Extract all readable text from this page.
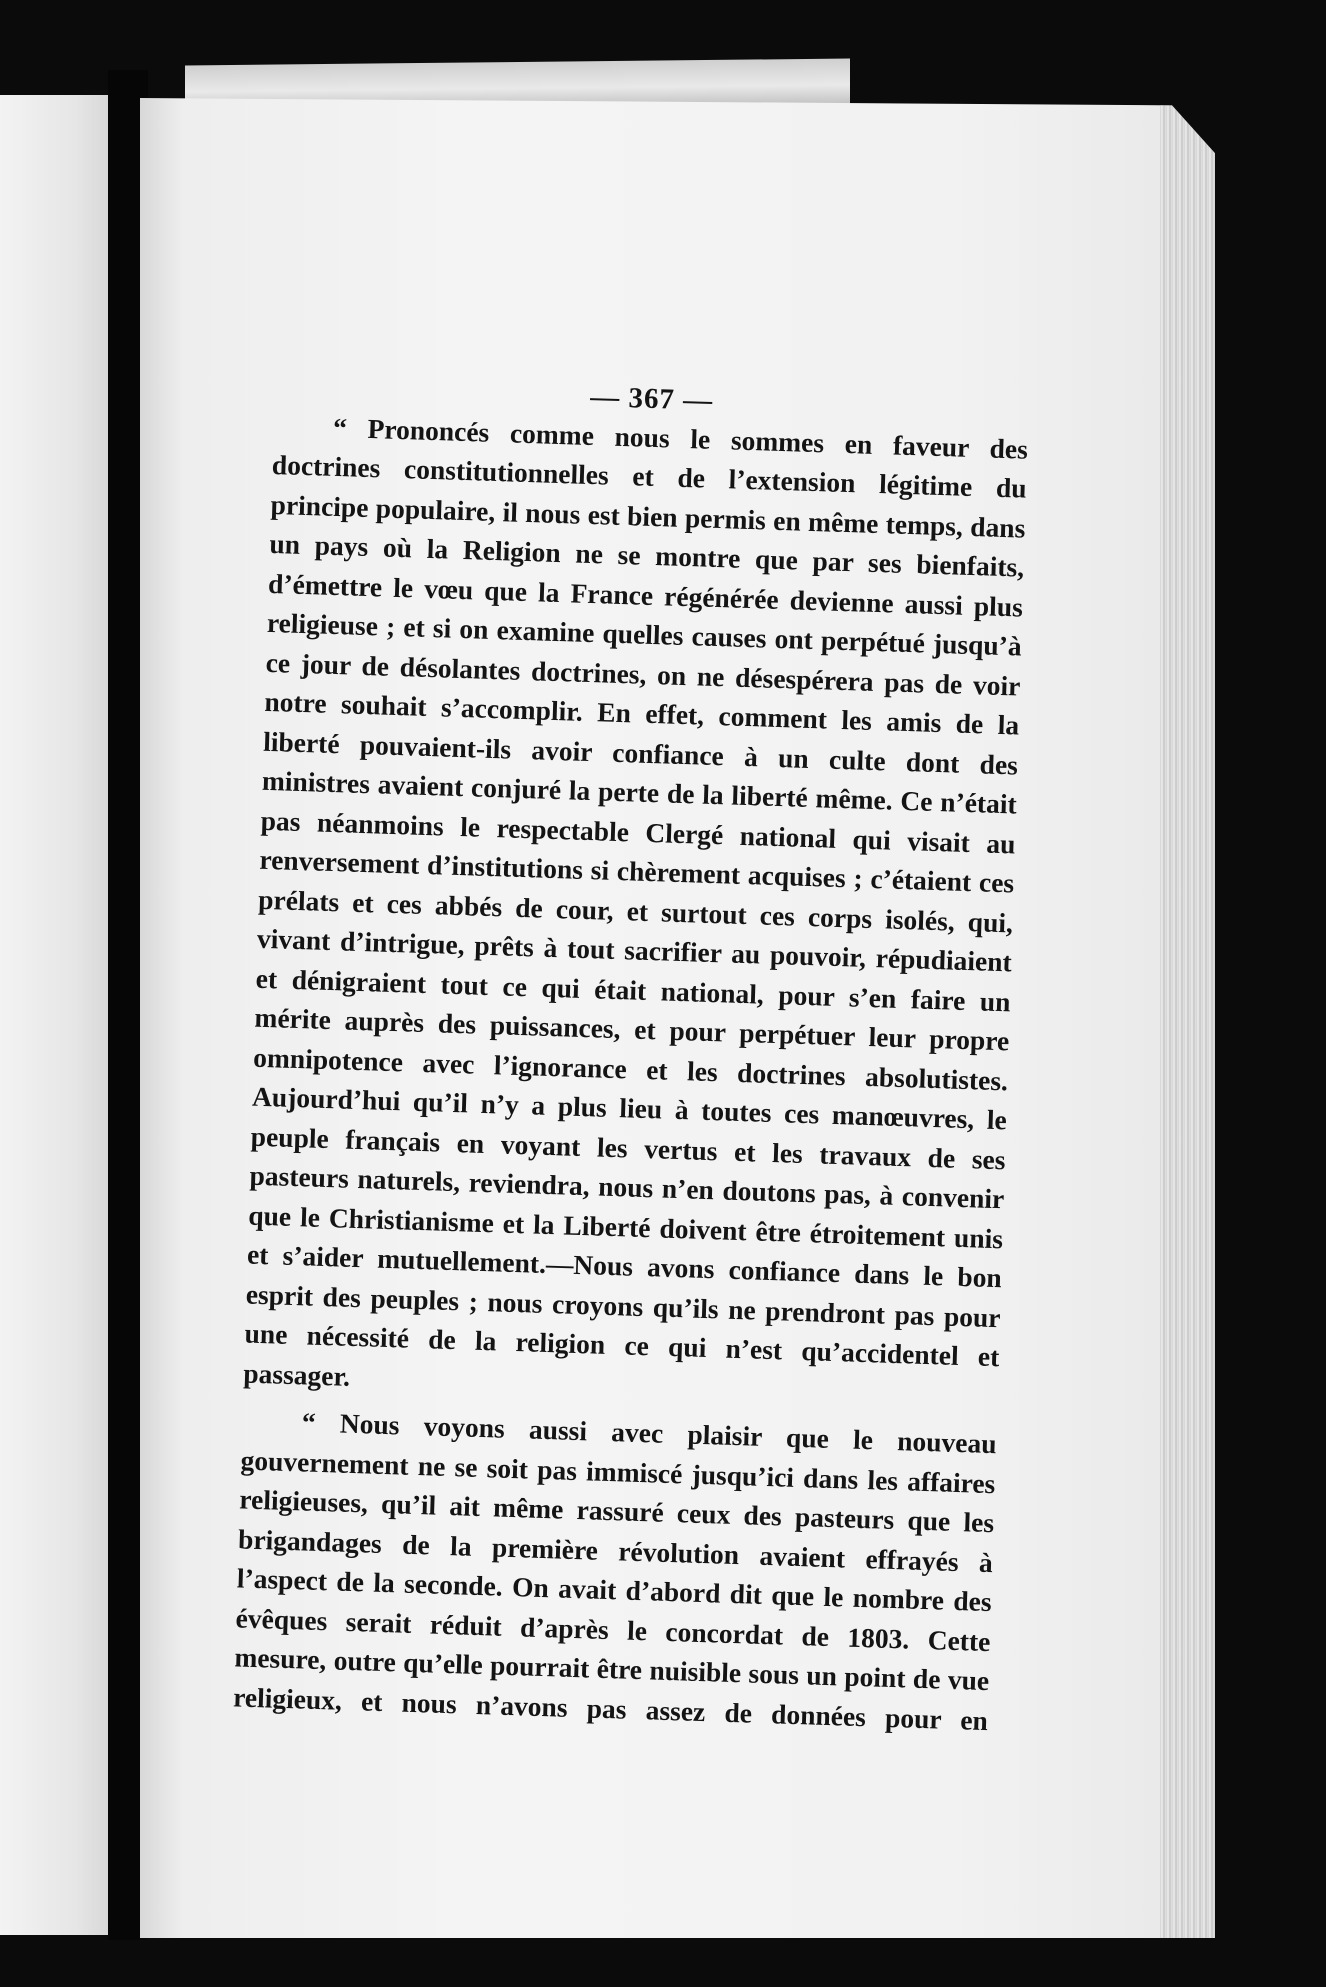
— 367 —

“ Prononcés comme nous le sommes en faveur des doctrines constitutionnelles et de l’extension légitime du principe populaire, il nous est bien permis en même temps, dans un pays où la Religion ne se montre que par ses bienfaits, d’émettre le vœu que la France régénérée devienne aussi plus religieuse ; et si on examine quelles causes ont perpétué jusqu’à ce jour de désolantes doctrines, on ne désespérera pas de voir notre souhait s’accomplir. En effet, comment les amis de la liberté pouvaient-ils avoir confiance à un culte dont des ministres avaient conjuré la perte de la liberté même. Ce n’était pas néanmoins le respectable Clergé national qui visait au renversement d’institutions si chèrement acquises ; c’étaient ces prélats et ces abbés de cour, et surtout ces corps isolés, qui, vivant d’intrigue, prêts à tout sacrifier au pouvoir, répudiaient et dénigraient tout ce qui était national, pour s’en faire un mérite auprès des puissances, et pour perpétuer leur propre omnipotence avec l’ignorance et les doctrines absolutistes. Aujourd’hui qu’il n’y a plus lieu à toutes ces manœuvres, le peuple français en voyant les vertus et les travaux de ses pasteurs naturels, reviendra, nous n’en doutons pas, à convenir que le Christianisme et la Liberté doivent être étroitement unis et s’aider mutuellement.—Nous avons confiance dans le bon esprit des peuples ; nous croyons qu’ils ne prendront pas pour une nécessité de la religion ce qui n’est qu’accidentel et passager.

“ Nous voyons aussi avec plaisir que le nouveau gouvernement ne se soit pas immiscé jusqu’ici dans les affaires religieuses, qu’il ait même rassuré ceux des pasteurs que les brigandages de la première révolution avaient effrayés à l’aspect de la seconde. On avait d’abord dit que le nombre des évêques serait réduit d’après le concordat de 1803. Cette mesure, outre qu’elle pourrait être nuisible sous un point de vue religieux, et nous n’avons pas assez de données pour en
